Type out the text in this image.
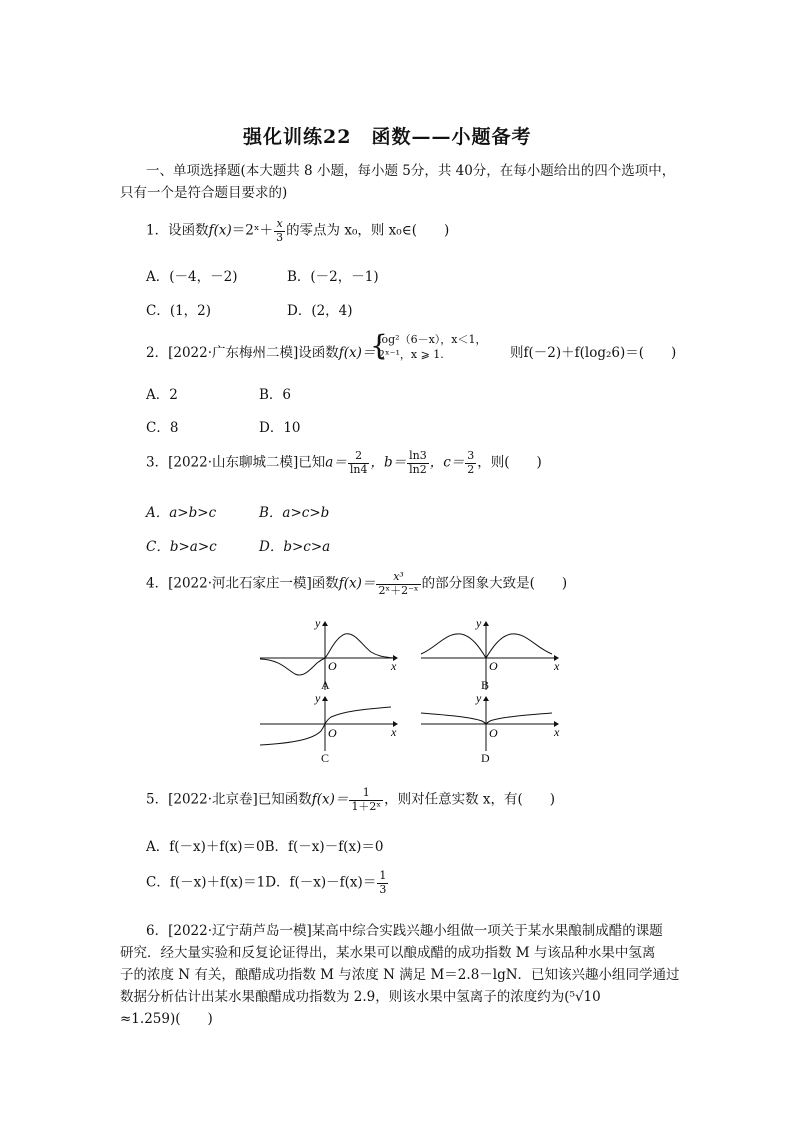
强化训练22　函数——小题备考
一、单项选择题(本大题共 8 小题，每小题 5分，共 40分，在每小题给出的四个选项中，
只有一个是符合题目要求的)
1．设函数f(x)＝2ˣ＋ $\frac{x}{3}$ 的零点为 x₀，则 x₀∈(　　)
A．(－4，－2)	B．(－2，－1)
C．(1，2)	D．(2，4)
2．[2022·广东梅州二模]设函数f(x)＝
{
log²（6－x），x＜1，
2ˣ⁻¹，x ⩾ 1.	则f(－2)＋f(log₂6)＝(　　)
A．2	B．6
C．8	D．10
3．[2022·山东聊城二模]已知$a= \frac{2}{\ln 4}$ ，$b= \frac{\ln 3}{\ln 2}$ ，$c= \frac{3}{2}$ ，则(　　)
A．a>b>c	B．a>c>b
C．b>a>c	D．b>c>a
4．[2022·河北石家庄一模]函数$f(x)= \frac{\text{x³}}{\text{2ˣ＋2⁻ˣ}}$ 的部分图象大致是(　　)
y
x
O
A
y
x
O
B
y
x
O
C
y
x
O
D
5．[2022·北京卷]已知函数$f(x)= \frac{1}{\text{1＋2ˣ}}$ ，则对任意实数 x，有(　　)
A．f(－x)＋f(x)＝0B．f(－x)－f(x)＝0
C．f(－x)＋f(x)＝1D．$f(-x)-f(x)= \frac{1}{3}$
6．[2022·辽宁葫芦岛一模]某高中综合实践兴趣小组做一项关于某水果酿制成醋的课题
研究．经大量实验和反复论证得出，某水果可以酿成醋的成功指数 M 与该品种水果中氢离
子的浓度 N 有关，酿醋成功指数 M 与浓度 N 满足 M＝2.8－lgN．已知该兴趣小组同学通过
数据分析估计出某水果酿醋成功指数为 2.9，则该水果中氢离子的浓度约为(⁵√10
≈1.259)(　　)
